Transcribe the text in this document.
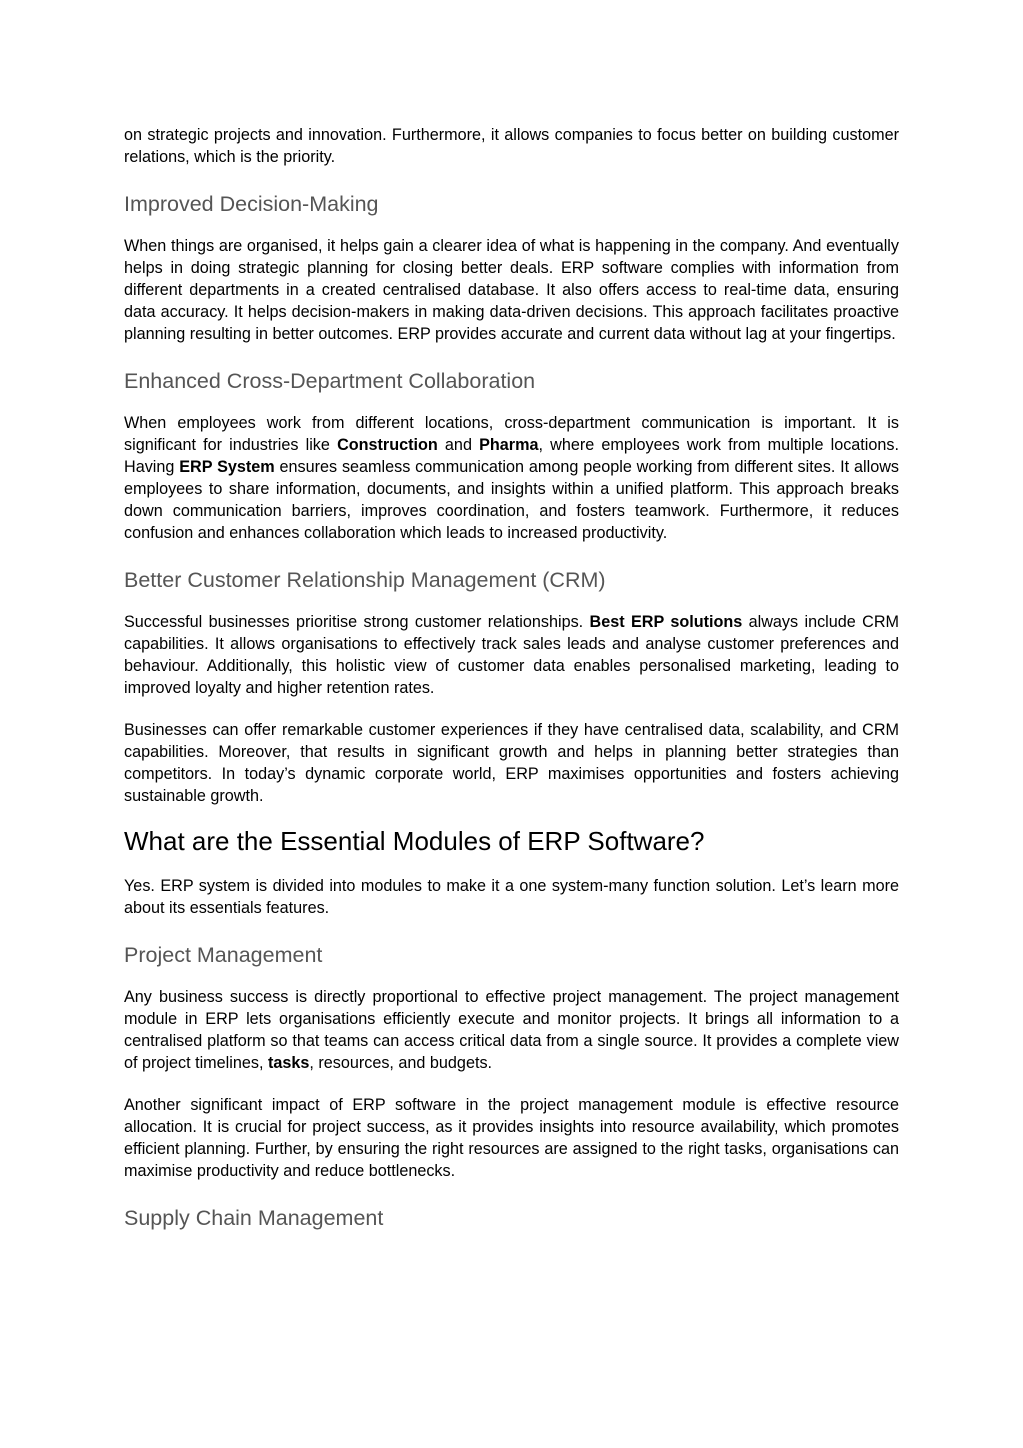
on strategic projects and innovation. Furthermore, it allows companies to focus better on building customer relations, which is the priority.

Improved Decision-Making

When things are organised, it helps gain a clearer idea of what is happening in the company. And eventually helps in doing strategic planning for closing better deals. ERP software complies with information from different departments in a created centralised database. It also offers access to real-time data, ensuring data accuracy. It helps decision-makers in making data-driven decisions. This approach facilitates proactive planning resulting in better outcomes. ERP provides accurate and current data without lag at your fingertips.

Enhanced Cross-Department Collaboration

When employees work from different locations, cross-department communication is important. It is significant for industries like Construction and Pharma, where employees work from multiple locations. Having ERP System ensures seamless communication among people working from different sites. It allows employees to share information, documents, and insights within a unified platform. This approach breaks down communication barriers, improves coordination, and fosters teamwork. Furthermore, it reduces confusion and enhances collaboration which leads to increased productivity.

Better Customer Relationship Management (CRM)

Successful businesses prioritise strong customer relationships. Best ERP solutions always include CRM capabilities. It allows organisations to effectively track sales leads and analyse customer preferences and behaviour. Additionally, this holistic view of customer data enables personalised marketing, leading to improved loyalty and higher retention rates.

Businesses can offer remarkable customer experiences if they have centralised data, scalability, and CRM capabilities. Moreover, that results in significant growth and helps in planning better strategies than competitors. In today’s dynamic corporate world, ERP maximises opportunities and fosters achieving sustainable growth.

What are the Essential Modules of ERP Software?

Yes. ERP system is divided into modules to make it a one system-many function solution. Let’s learn more about its essentials features.

Project Management

Any business success is directly proportional to effective project management. The project management module in ERP lets organisations efficiently execute and monitor projects. It brings all information to a centralised platform so that teams can access critical data from a single source. It provides a complete view of project timelines, tasks, resources, and budgets.

Another significant impact of ERP software in the project management module is effective resource allocation. It is crucial for project success, as it provides insights into resource availability, which promotes efficient planning. Further, by ensuring the right resources are assigned to the right tasks, organisations can maximise productivity and reduce bottlenecks.

Supply Chain Management
